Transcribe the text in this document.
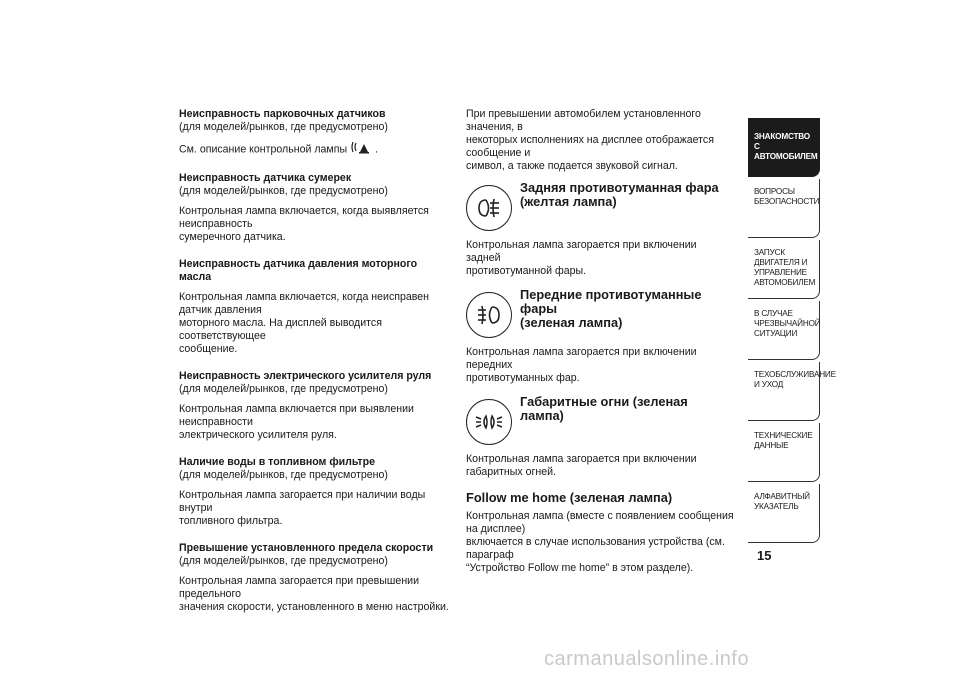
Неисправность парковочных датчиков
(для моделей/рынков, где предусмотрено)
См. описание контрольной лампы	.
Неисправность датчика сумерек
(для моделей/рынков, где предусмотрено)
Контрольная лампа включается, когда выявляется неисправность
сумеречного датчика.
Неисправность датчика давления моторного масла
Контрольная лампа включается, когда неисправен датчик давления
моторного масла. На дисплей выводится соответствующее
сообщение.
Неисправность электрического усилителя руля
(для моделей/рынков, где предусмотрено)
Контрольная лампа включается при выявлении неисправности
электрического усилителя руля.
Наличие воды в топливном фильтре
(для моделей/рынков, где предусмотрено)
Контрольная лампа загорается при наличии воды внутри
топливного фильтра.
Превышение установленного предела скорости
(для моделей/рынков, где предусмотрено)
Контрольная лампа загорается при превышении предельного
значения скорости, установленного в меню настройки.
При превышении автомобилем установленного значения, в
некоторых исполнениях на дисплее отображается сообщение и
символ, а также подается звуковой сигнал.
Задняя противотуманная фара
(желтая лампа)
Контрольная лампа загорается при включении задней
противотуманной фары.
Передние противотуманные фары
(зеленая лампа)
Контрольная лампа загорается при включении передних
противотуманных фар.
Габаритные огни (зеленая лампа)
Контрольная лампа загорается при включении габаритных огней.
Follow me home (зеленая лампа)
Контрольная лампа (вместе с появлением сообщения на дисплее)
включается в случае использования устройства (см. параграф
“Устройство Follow me home” в этом разделе).
ЗНАКОМСТВО С
АВТОМОБИЛЕМ
ВОПРОСЫ
БЕЗОПАСНОСТИ
ЗАПУСК ДВИГАТЕЛЯ И
УПРАВЛЕНИЕ
АВТОМОБИЛЕМ
В СЛУЧАЕ
ЧРЕЗВЫЧАЙНОЙ
СИТУАЦИИ
ТЕХОБСЛУЖИВАНИЕ
И УХОД
ТЕХНИЧЕСКИЕ
ДАННЫЕ
АЛФАВИТНЫЙ
УКАЗАТЕЛЬ
15
carmanualsonline.info
